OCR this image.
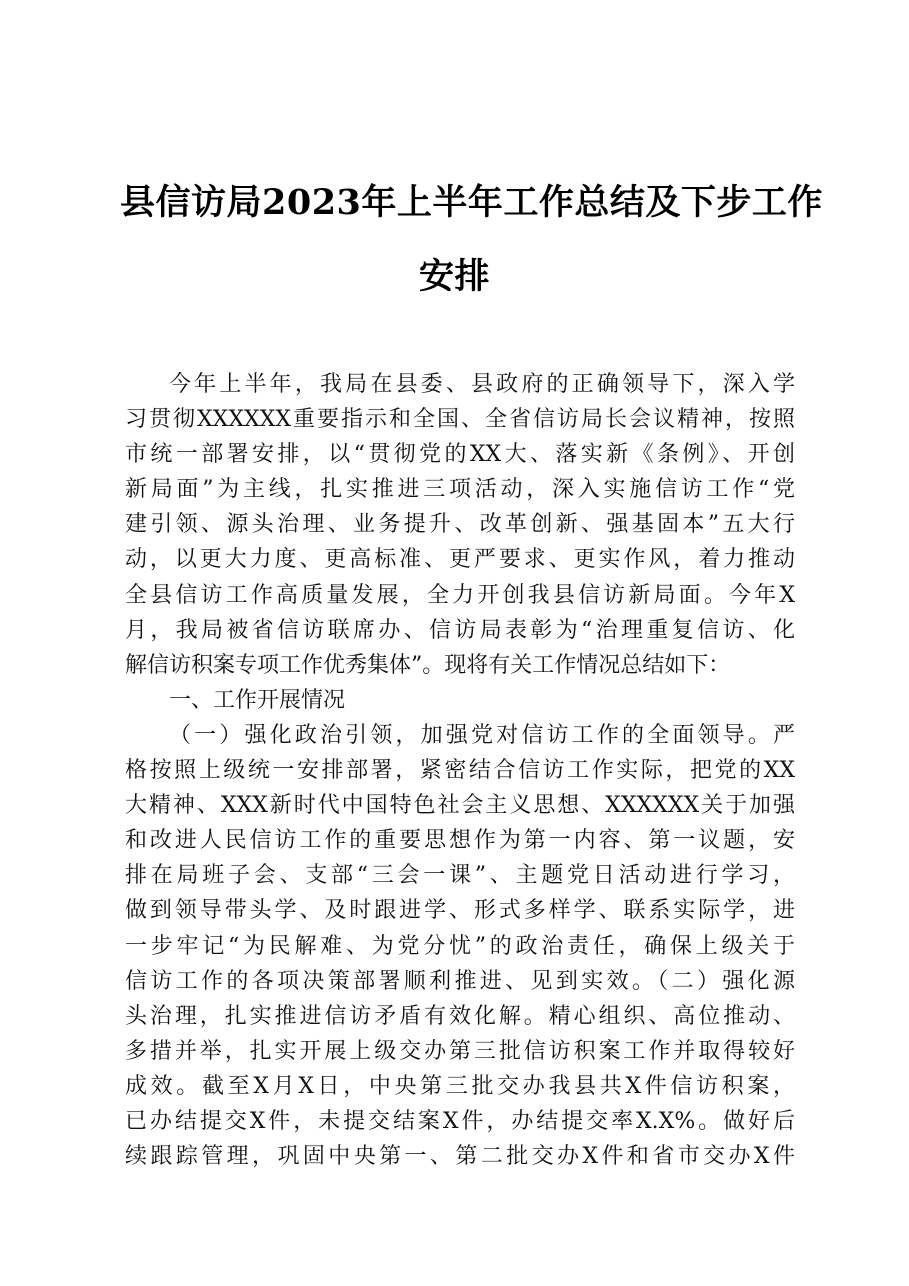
县信访局2023年上半年工作总结及下步工作
安排
今年上半年，我局在县委、县政府的正确领导下，深入学
习贯彻XXXXXX重要指示和全国、全省信访局长会议精神，按照
市统一部署安排，以“贯彻党的XX大、落实新《条例》、开创
新局面”为主线，扎实推进三项活动，深入实施信访工作“党
建引领、源头治理、业务提升、改革创新、强基固本”五大行
动，以更大力度、更高标准、更严要求、更实作风，着力推动
全县信访工作高质量发展，全力开创我县信访新局面。今年X
月，我局被省信访联席办、信访局表彰为“治理重复信访、化
解信访积案专项工作优秀集体”。现将有关工作情况总结如下：
一、工作开展情况
（一）强化政治引领，加强党对信访工作的全面领导。严
格按照上级统一安排部署，紧密结合信访工作实际，把党的XX
大精神、XXX新时代中国特色社会主义思想、XXXXXX关于加强
和改进人民信访工作的重要思想作为第一内容、第一议题，安
排在局班子会、支部“三会一课”、主题党日活动进行学习，
做到领导带头学、及时跟进学、形式多样学、联系实际学，进
一步牢记“为民解难、为党分忧”的政治责任，确保上级关于
信访工作的各项决策部署顺利推进、见到实效。（二）强化源
头治理，扎实推进信访矛盾有效化解。精心组织、高位推动、
多措并举，扎实开展上级交办第三批信访积案工作并取得较好
成效。截至X月X日，中央第三批交办我县共X件信访积案，
已办结提交X件，未提交结案X件，办结提交率X.X%。做好后
续跟踪管理，巩固中央第一、第二批交办X件和省市交办X件
